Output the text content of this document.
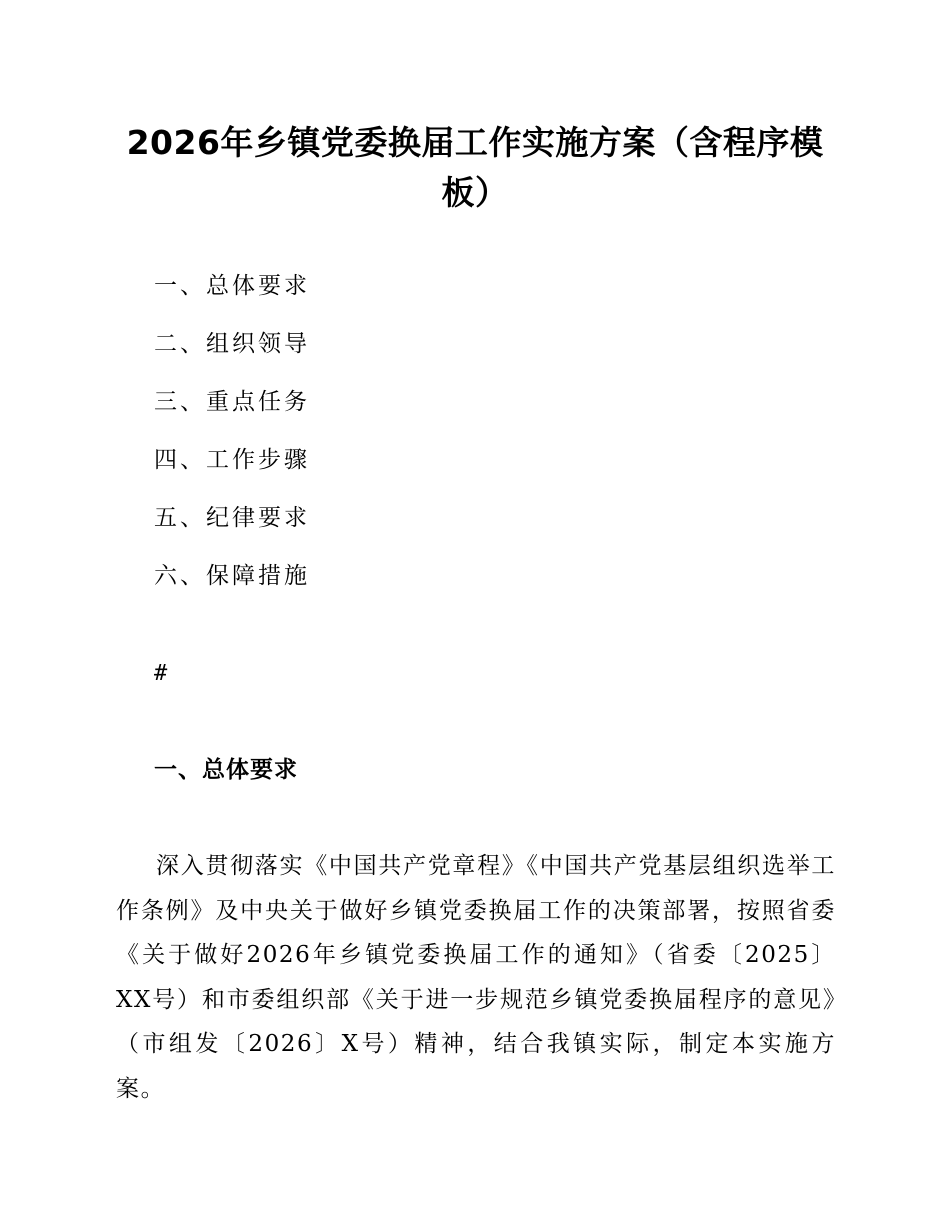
2026年乡镇党委换届工作实施方案（含程序模板）
一、总体要求
二、组织领导
三、重点任务
四、工作步骤
五、纪律要求
六、保障措施
#
一、总体要求

深入贯彻落实《中国共产党章程》《中国共产党基层组织选举工作条例》及中央关于做好乡镇党委换届工作的决策部署，按照省委《关于做好2026年乡镇党委换届工作的通知》（省委〔2025〕XX号）和市委组织部《关于进一步规范乡镇党委换届程序的意见》（市组发〔2026〕X号）精神，结合我镇实际，制定本实施方案。
